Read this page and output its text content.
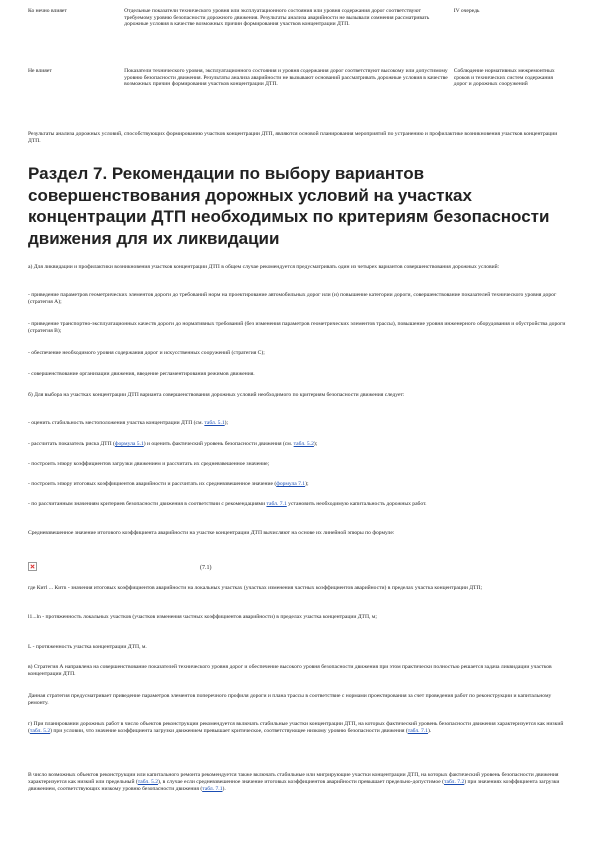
Ко нечно влияет	Отдельные показатели технического уровня или эксплуатационного состояния или уровня содержания дорог соответствуют требуемому уровню безопасности дорожного движения. Результаты анализа аварийности не вызывали сомнения рассматривать дорожные условия в качестве возможных причин формирования участков концентрации ДТП.	IV очередь
Не влияет	Показатели технического уровня, эксплуатационного состояния и уровня содержания дорог соответствуют высокому или допустимому уровню безопасности движения. Результаты анализа аварийности не вызывают оснований рассматривать дорожные условия в качестве возможных причин формирования участков концентрации ДТП.	Соблюдение нормативных межремонтных сроков и технических систем содержания дорог и дорожных сооружений

Результаты анализа дорожных условий, способствующих формированию участков концентрации ДТП, являются основой планирования мероприятий по устранению и профилактике возникновения участков концентрации ДТП.

Раздел 7. Рекомендации по выбору вариантов совершенствования дорожных условий на участках концентрации ДТП необходимых по критериям безопасности движения для их ликвидации

а) Для ликвидации и профилактики возникновения участков концентрации ДТП в общем случае рекомендуется предусматривать один из четырех вариантов совершенствования дорожных условий:

- приведение параметров геометрических элементов дороги до требований норм на проектирование автомобильных дорог или (и) повышение категории дороги, совершенствование показателей технического уровня дорог (стратегия А);

- приведение транспортно-эксплуатационных качеств дороги до нормативных требований (без изменения параметров геометрических элементов трассы), повышение уровня инженерного оборудования и обустройства дороги (стратегия В);

- обеспечение необходимого уровня содержания дорог и искусственных сооружений (стратегия С);

- совершенствование организации движения, введение регламентирования режимов движения.

б) Для выбора на участках концентрации ДТП варианта совершенствования дорожных условий необходимого по критериям безопасности движения следует:

- оценить стабильность местоположения участка концентрации ДТП (см. табл. 5.1);

- рассчитать показатель риска ДТП (формула 5.1) и оценить фактический уровень безопасности движения (см. табл. 5.2);

- построить эпюру коэффициентов загрузки движением и рассчитать их средневзвешенное значение;

- построить эпюру итоговых коэффициентов аварийности и рассчитать их средневзвешенное значение (формула 7.1);

- по рассчитанным значениям критериев безопасности движения в соответствии с рекомендациями табл. 7.1 установить необходимую капитальность дорожных работ.

Средневзвешенное значение итогового коэффициента аварийности на участке концентрации ДТП вычисляют на основе их линейной эпюры по формуле:

(7.1)

где Китl ... Китn - значения итоговых коэффициентов аварийности на локальных участках (участках изменения частных коэффициентов аварийности) в пределах участка концентрации ДТП;

l1...ln - протяженность локальных участков (участков изменения частных коэффициентов аварийности) в пределах участка концентрации ДТП, м;

L - протяженность участка концентрации ДТП, м.

в) Стратегия А направлена на совершенствование показателей технического уровня дорог и обеспечение высокого уровня безопасности движения при этом практически полностью решается задача ликвидации участков концентрации ДТП.

Данная стратегия предусматривает приведение параметров элементов поперечного профиля дороги и плана трассы в соответствие с нормами проектирования за счет проведения работ по реконструкции и капитальному ремонту.

г) При планировании дорожных работ в число объектов реконструкции рекомендуется включать стабильные участки концентрации ДТП, на которых фактический уровень безопасности движения характеризуется как низкий (табл. 5.2) при условии, что значение коэффициента загрузки движением превышает критическое, соответствующее низкому уровню безопасности движения (табл. 7.1).

В число возможных объектов реконструкции или капитального ремонта рекомендуется также включать стабильные или мигрирующие участки концентрации ДТП, на которых фактический уровень безопасности движения характеризуется как низкий или предельный (табл. 5.2), в случае если средневзвешенное значение итоговых коэффициентов аварийности превышает предельно-допустимое (табл. 7.2) при значениях коэффициента загрузки движением, соответствующих низкому уровню безопасности движения (табл. 7.1).
